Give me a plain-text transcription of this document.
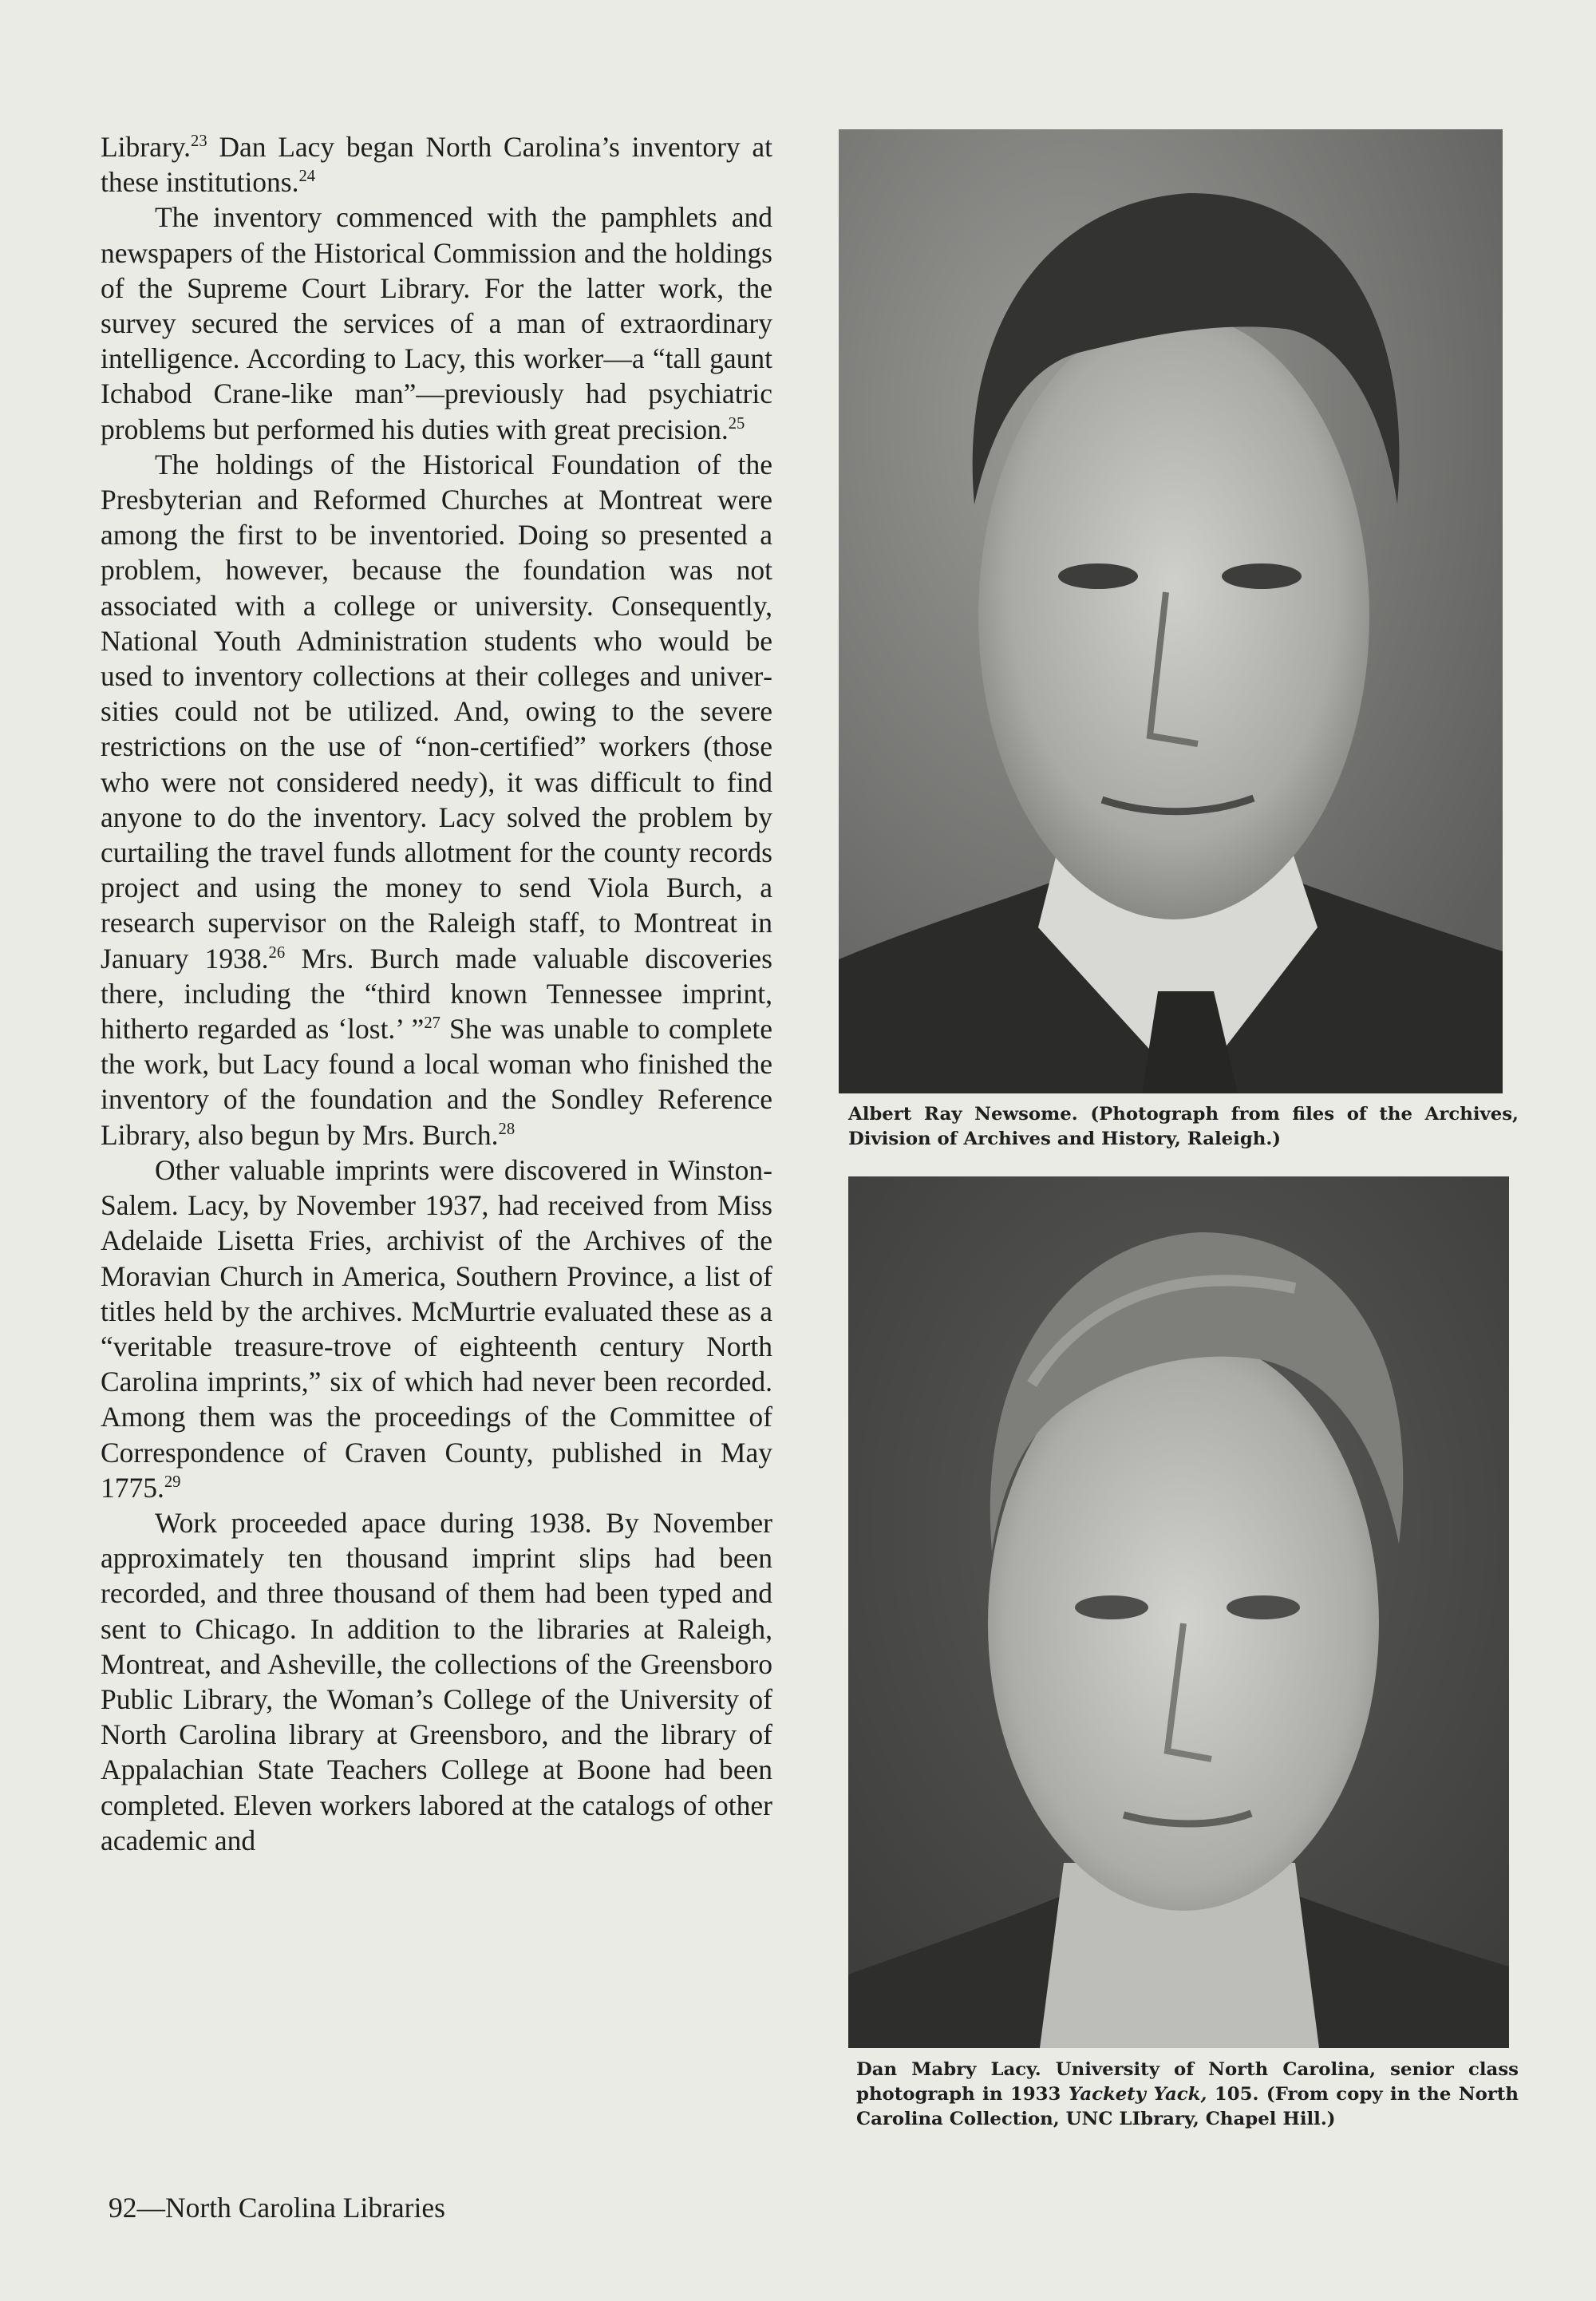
Library.$^{23}$ Dan Lacy began North Carolina’s inventory at these institutions.$^{24}$

The inventory commenced with the pamphlets and newspapers of the Historical Commission and the holdings of the Supreme Court Library. For the latter work, the survey secured the services of a man of extraordinary intelligence. According to Lacy, this worker—a “tall gaunt Ichabod Crane-like man”—previously had psychiatric problems but performed his duties with great precision.$^{25}$

The holdings of the Historical Foundation of the Presbyterian and Reformed Churches at Montreat were among the first to be inventoried. Doing so presented a problem, however, because the foundation was not associated with a college or university. Consequently, National Youth Administration students who would be used to inventory collections at their colleges and universities could not be utilized. And, owing to the severe restrictions on the use of “non-certified” workers (those who were not considered needy), it was difficult to find anyone to do the inventory. Lacy solved the problem by curtailing the travel funds allotment for the county records project and using the money to send Viola Burch, a research supervisor on the Raleigh staff, to Montreat in January 1938.26 Mrs. Burch made valuable discoveries there, including the “third known Tennessee imprint, hitherto regarded as ‘lost.’ ”$^{27}$ She was unable to complete the work, but Lacy found a local woman who finished the inventory of the foundation and the Sondley Reference Library, also begun by Mrs. Burch.$^{28}$

Other valuable imprints were discovered in Winston-Salem. Lacy, by November 1937, had received from Miss Adelaide Lisetta Fries, archivist of the Archives of the Moravian Church in America, Southern Province, a list of titles held by the archives. McMurtrie evaluated these as a “veritable treasure-trove of eighteenth century North Carolina imprints,” six of which had never been recorded. Among them was the proceedings of the Committee of Correspondence of Craven County, published in May 1775.29

Work proceeded apace during 1938. By November approximately ten thousand imprint slips had been recorded, and three thousand of them had been typed and sent to Chicago. In addition to the libraries at Raleigh, Montreat, and Asheville, the collections of the Greensboro Public Library, the Woman’s College of the University of North Carolina library at Greensboro, and the library of Appalachian State Teachers College at Boone had been completed. Eleven workers labored at the catalogs of other academic and

Albert Ray Newsome. (Photograph from files of the Archives, Division of Archives and History, Raleigh.)
Dan Mabry Lacy. University of North Carolina, senior class photograph in 1933 Yackety Yack, 105. (From copy in the North Carolina Collection, UNC LIbrary, Chapel Hill.)
92—North Carolina Libraries
